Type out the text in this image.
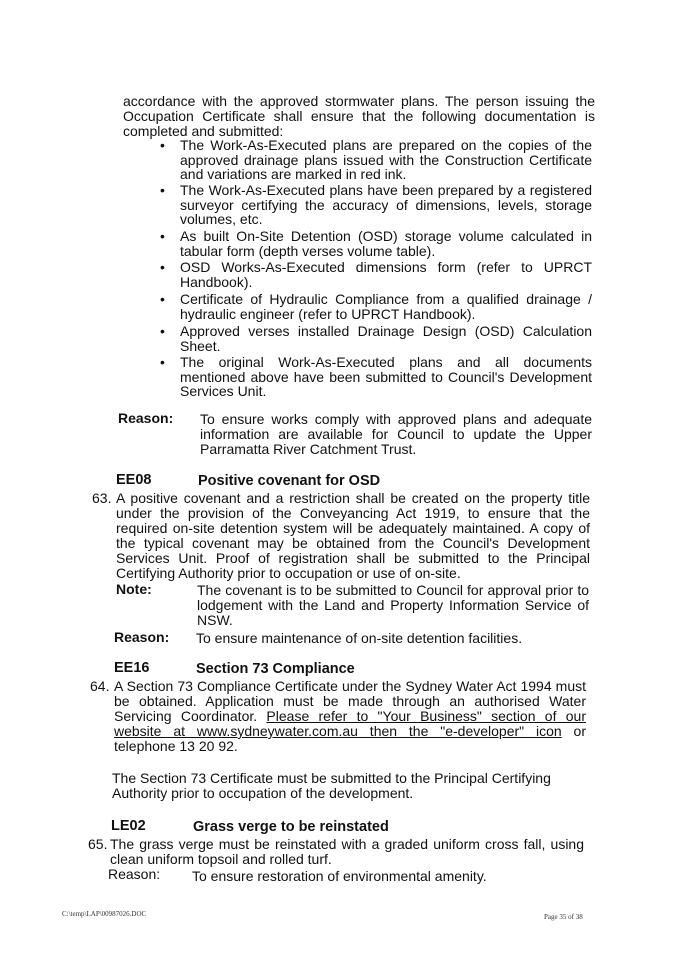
accordance with the approved stormwater plans. The person issuing the Occupation Certificate shall ensure that the following documentation is completed and submitted:
• The Work-As-Executed plans are prepared on the copies of the approved drainage plans issued with the Construction Certificate and variations are marked in red ink.
• The Work-As-Executed plans have been prepared by a registered surveyor certifying the accuracy of dimensions, levels, storage volumes, etc.
• As built On-Site Detention (OSD) storage volume calculated in tabular form (depth verses volume table).
• OSD Works-As-Executed dimensions form (refer to UPRCT Handbook).
• Certificate of Hydraulic Compliance from a qualified drainage / hydraulic engineer (refer to UPRCT Handbook).
• Approved verses installed Drainage Design (OSD) Calculation Sheet.
• The original Work-As-Executed plans and all documents mentioned above have been submitted to Council's Development Services Unit.
Reason: To ensure works comply with approved plans and adequate information are available for Council to update the Upper Parramatta River Catchment Trust.
EE08	Positive covenant for OSD
63. A positive covenant and a restriction shall be created on the property title under the provision of the Conveyancing Act 1919, to ensure that the required on-site detention system will be adequately maintained. A copy of the typical covenant may be obtained from the Council's Development Services Unit. Proof of registration shall be submitted to the Principal Certifying Authority prior to occupation or use of on-site.
Note:	The covenant is to be submitted to Council for approval prior to lodgement with the Land and Property Information Service of NSW.
Reason: To ensure maintenance of on-site detention facilities.
EE16	Section 73 Compliance
64. A Section 73 Compliance Certificate under the Sydney Water Act 1994 must be obtained. Application must be made through an authorised Water Servicing Coordinator. Please refer to "Your Business" section of our website at www.sydneywater.com.au then the "e-developer" icon or telephone 13 20 92.
The Section 73 Certificate must be submitted to the Principal Certifying Authority prior to occupation of the development.
LE02	Grass verge to be reinstated
65. The grass verge must be reinstated with a graded uniform cross fall, using clean uniform topsoil and rolled turf.
Reason: To ensure restoration of environmental amenity.
C:\temp\LAP\00987026.DOC	Page 35 of 38
